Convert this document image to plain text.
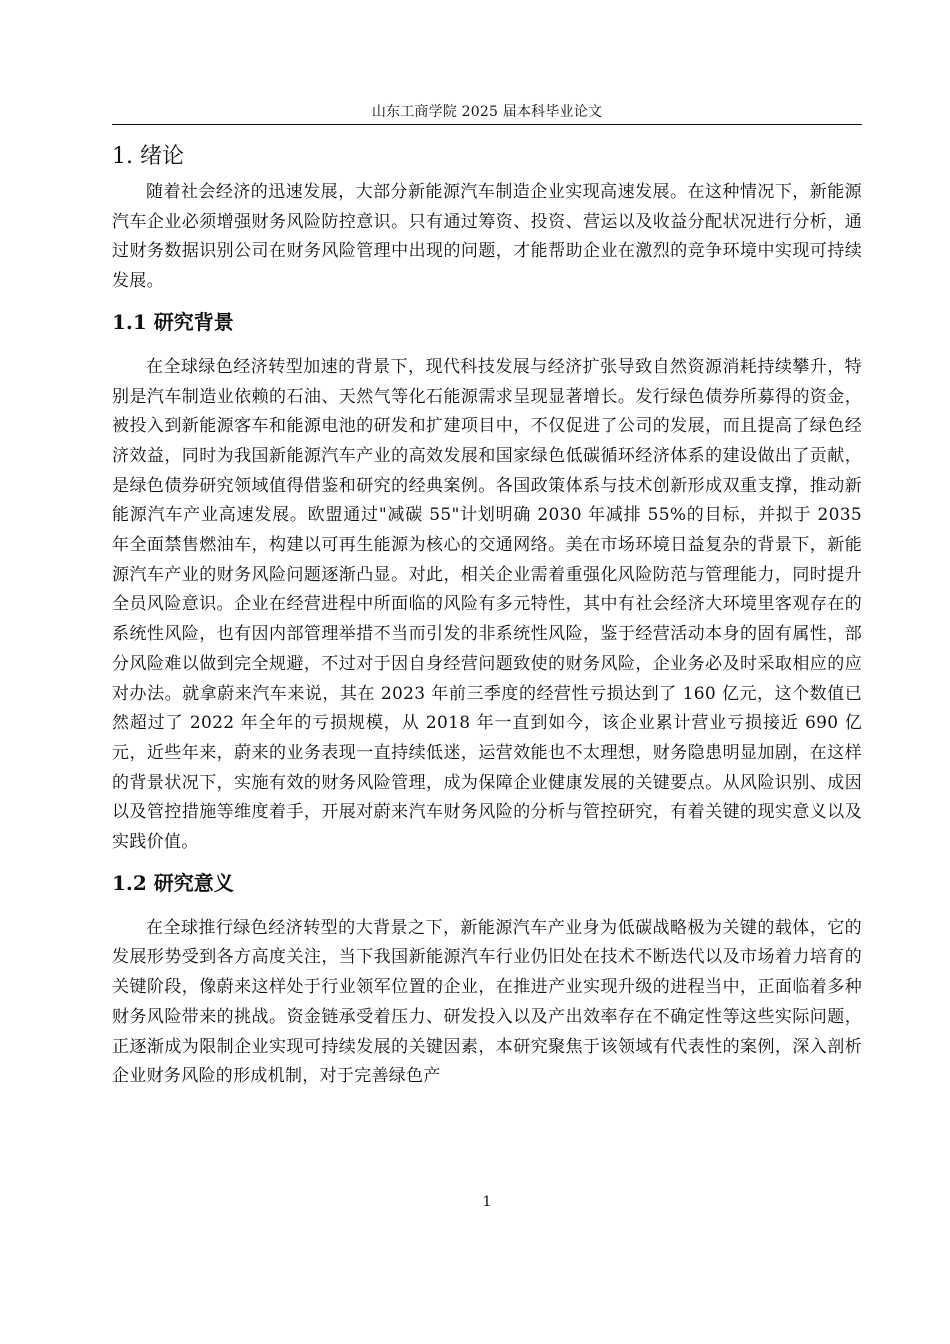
山东工商学院 2025 届本科毕业论文
1. 绪论

随着社会经济的迅速发展，大部分新能源汽车制造企业实现高速发展。在这种情况下，新能源汽车企业必须增强财务风险防控意识。只有通过筹资、投资、营运以及收益分配状况进行分析，通过财务数据识别公司在财务风险管理中出现的问题，才能帮助企业在激烈的竞争环境中实现可持续发展。

1.1 研究背景

在全球绿色经济转型加速的背景下，现代科技发展与经济扩张导致自然资源消耗持续攀升，特别是汽车制造业依赖的石油、天然气等化石能源需求呈现显著增长。发行绿色债券所募得的资金，被投入到新能源客车和能源电池的研发和扩建项目中，不仅促进了公司的发展，而且提高了绿色经济效益，同时为我国新能源汽车产业的高效发展和国家绿色低碳循环经济体系的建设做出了贡献，是绿色债券研究领域值得借鉴和研究的经典案例。各国政策体系与技术创新形成双重支撑，推动新能源汽车产业高速发展。欧盟通过"减碳 55"计划明确 2030 年减排 55%的目标，并拟于 2035 年全面禁售燃油车，构建以可再生能源为核心的交通网络。美在市场环境日益复杂的背景下，新能源汽车产业的财务风险问题逐渐凸显。对此，相关企业需着重强化风险防范与管理能力，同时提升全员风险意识。企业在经营进程中所面临的风险有多元特性，其中有社会经济大环境里客观存在的系统性风险，也有因内部管理举措不当而引发的非系统性风险，鉴于经营活动本身的固有属性，部分风险难以做到完全规避，不过对于因自身经营问题致使的财务风险，企业务必及时采取相应的应对办法。就拿蔚来汽车来说，其在 2023 年前三季度的经营性亏损达到了 160 亿元，这个数值已然超过了 2022 年全年的亏损规模，从 2018 年一直到如今，该企业累计营业亏损接近 690 亿元，近些年来，蔚来的业务表现一直持续低迷，运营效能也不太理想，财务隐患明显加剧，在这样的背景状况下，实施有效的财务风险管理，成为保障企业健康发展的关键要点。从风险识别、成因以及管控措施等维度着手，开展对蔚来汽车财务风险的分析与管控研究，有着关键的现实意义以及实践价值。

1.2 研究意义

在全球推行绿色经济转型的大背景之下，新能源汽车产业身为低碳战略极为关键的载体，它的发展形势受到各方高度关注，当下我国新能源汽车行业仍旧处在技术不断迭代以及市场着力培育的关键阶段，像蔚来这样处于行业领军位置的企业，在推进产业实现升级的进程当中，正面临着多种财务风险带来的挑战。资金链承受着压力、研发投入以及产出效率存在不确定性等这些实际问题，正逐渐成为限制企业实现可持续发展的关键因素，本研究聚焦于该领域有代表性的案例，深入剖析企业财务风险的形成机制，对于完善绿色产

1
